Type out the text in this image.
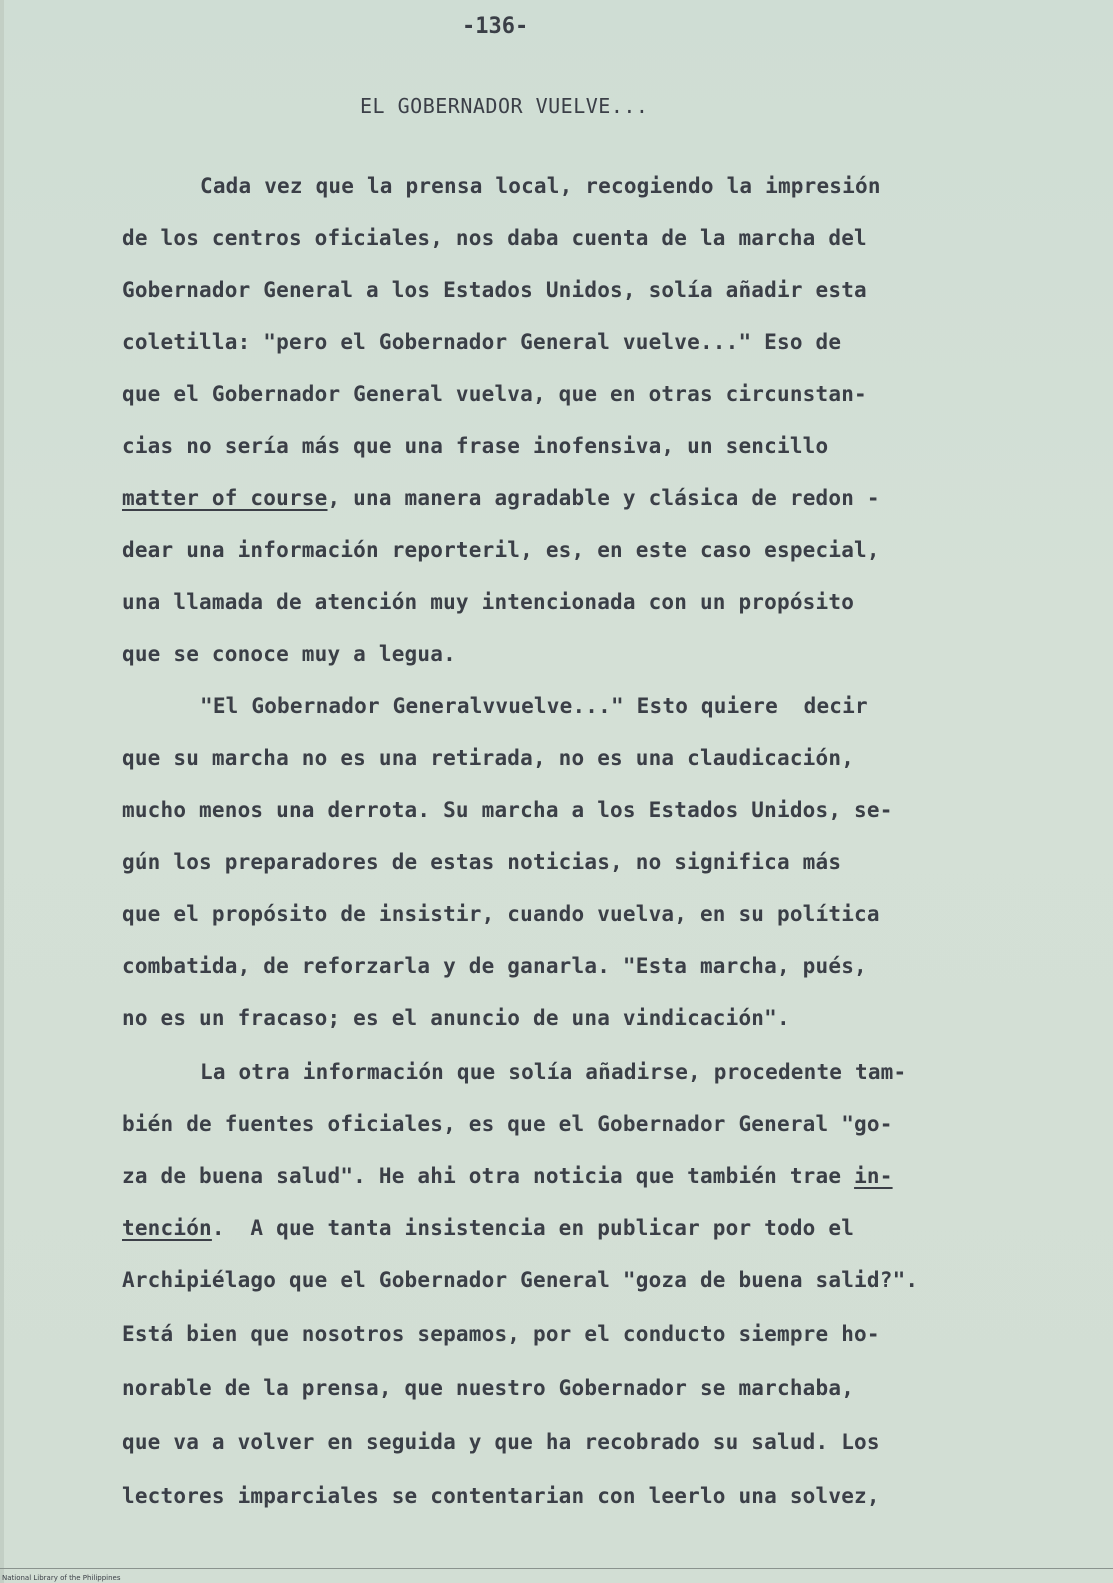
-136-
EL GOBERNADOR VUELVE...
Cada vez que la prensa local, recogiendo la impresión
de los centros oficiales, nos daba cuenta de la marcha del
Gobernador General a los Estados Unidos, solía añadir esta
coletilla: "pero el Gobernador General vuelve..." Eso de
que el Gobernador General vuelva, que en otras circunstan-
cias no sería más que una frase inofensiva, un sencillo
matter of course, una manera agradable y clásica de redon -
dear una información reporteril, es, en este caso especial,
una llamada de atención muy intencionada con un propósito
que se conoce muy a legua.
"El Gobernador Generalvvuelve..." Esto quiere  decir
que su marcha no es una retirada, no es una claudicación,
mucho menos una derrota. Su marcha a los Estados Unidos, se-
gún los preparadores de estas noticias, no significa más
que el propósito de insistir, cuando vuelva, en su política
combatida, de reforzarla y de ganarla. "Esta marcha, pués,
no es un fracaso; es el anuncio de una vindicación".
La otra información que solía añadirse, procedente tam-
bién de fuentes oficiales, es que el Gobernador General "go-
za de buena salud". He ahi otra noticia que también trae in-
tención.  A que tanta insistencia en publicar por todo el
Archipiélago que el Gobernador General "goza de buena salid?".
Está bien que nosotros sepamos, por el conducto siempre ho-
norable de la prensa, que nuestro Gobernador se marchaba,
que va a volver en seguida y que ha recobrado su salud. Los
lectores imparciales se contentarian con leerlo una solvez,
National Library of the Philippines
